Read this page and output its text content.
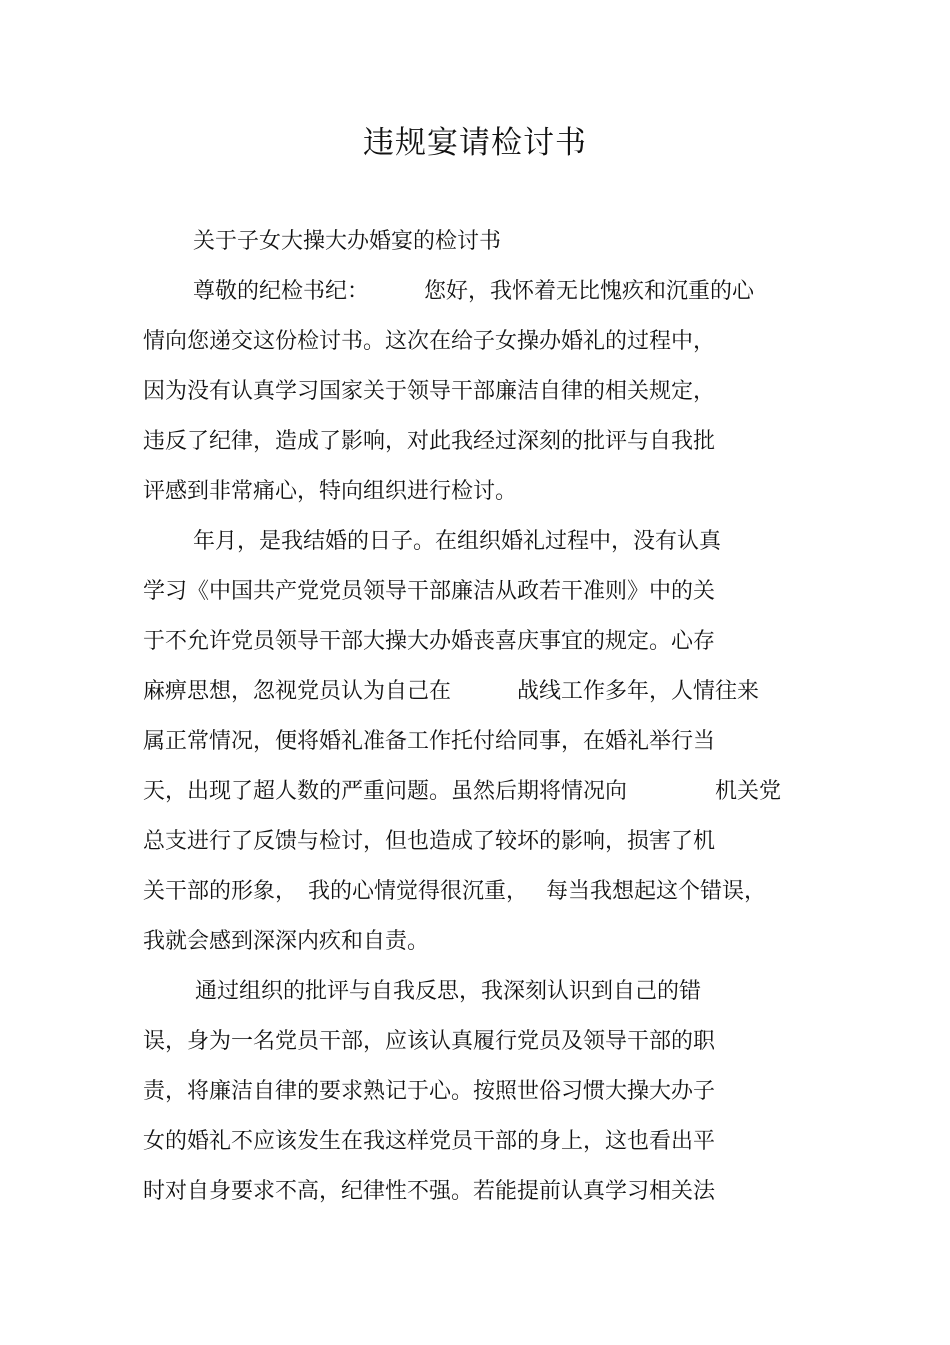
违规宴请检讨书

关于子女大操大办婚宴的检讨书

尊敬的纪检书纪：　　　您好，我怀着无比愧疚和沉重的心

情向您递交这份检讨书。这次在给子女操办婚礼的过程中，

因为没有认真学习国家关于领导干部廉洁自律的相关规定，

违反了纪律，造成了影响，对此我经过深刻的批评与自我批

评感到非常痛心，特向组织进行检讨。

年月，是我结婚的日子。在组织婚礼过程中，没有认真

学习《中国共产党党员领导干部廉洁从政若干准则》中的关

于不允许党员领导干部大操大办婚丧喜庆事宜的规定。心存

麻痹思想，忽视党员认为自己在　　　战线工作多年，人情往来

属正常情况，便将婚礼准备工作托付给同事，在婚礼举行当

天，出现了超人数的严重问题。虽然后期将情况向　　　　机关党

总支进行了反馈与检讨，但也造成了较坏的影响，损害了机

关干部的形象，　我的心情觉得很沉重，　 每当我想起这个错误，

我就会感到深深内疚和自责。

通过组织的批评与自我反思，我深刻认识到自己的错

误，身为一名党员干部，应该认真履行党员及领导干部的职

责，将廉洁自律的要求熟记于心。按照世俗习惯大操大办子

女的婚礼不应该发生在我这样党员干部的身上，这也看出平

时对自身要求不高，纪律性不强。若能提前认真学习相关法
